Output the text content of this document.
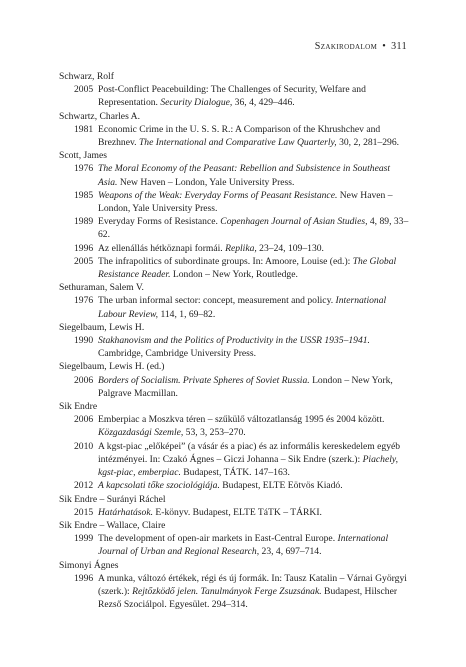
Szakirodalom • 311
Schwarz, Rolf
2005 Post-Conflict Peacebuilding: The Challenges of Security, Welfare and Representation. Security Dialogue, 36, 4, 429–446.
Schwartz, Charles A.
1981 Economic Crime in the U. S. S. R.: A Comparison of the Khrushchev and Brezhnev. The International and Comparative Law Quarterly, 30, 2, 281–296.
Scott, James
1976 The Moral Economy of the Peasant: Rebellion and Subsistence in Southeast Asia. New Haven – London, Yale University Press.
1985 Weapons of the Weak: Everyday Forms of Peasant Resistance. New Haven – London, Yale University Press.
1989 Everyday Forms of Resistance. Copenhagen Journal of Asian Studies, 4, 89, 33–62.
1996 Az ellenállás hétköznapi formái. Replika, 23–24, 109–130.
2005 The infrapolitics of subordinate groups. In: Amoore, Louise (ed.): The Global Resistance Reader. London – New York, Routledge.
Sethuraman, Salem V.
1976 The urban informal sector: concept, measurement and policy. International Labour Review, 114, 1, 69–82.
Siegelbaum, Lewis H.
1990 Stakhanovism and the Politics of Productivity in the USSR 1935–1941. Cambridge, Cambridge University Press.
Siegelbaum, Lewis H. (ed.)
2006 Borders of Socialism. Private Spheres of Soviet Russia. London – New York, Palgrave Macmillan.
Sik Endre
2006 Emberpiac a Moszkva téren – szűkülő változatlanság 1995 és 2004 között. Közgazdasági Szemle, 53, 3, 253–270.
2010 A kgst-piac „előképei” (a vásár és a piac) és az informális kereskedelem egyéb intézményei. In: Czakó Ágnes – Giczi Johanna – Sik Endre (szerk.): Piachely, kgst-piac, emberpiac. Budapest, TÁTK. 147–163.
2012 A kapcsolati tőke szociológiája. Budapest, ELTE Eötvös Kiadó.
Sik Endre – Surányi Ráchel
2015 Határhatások. E-könyv. Budapest, ELTE TáTK – TÁRKI.
Sik Endre – Wallace, Claire
1999 The development of open-air markets in East-Central Europe. International Journal of Urban and Regional Research, 23, 4, 697–714.
Simonyi Ágnes
1996 A munka, változó értékek, régi és új formák. In: Tausz Katalin – Várnai Györgyi (szerk.): Rejtőzködő jelen. Tanulmányok Ferge Zsuzsának. Budapest, Hilscher Rezső Szociálpol. Egyesület. 294–314.
